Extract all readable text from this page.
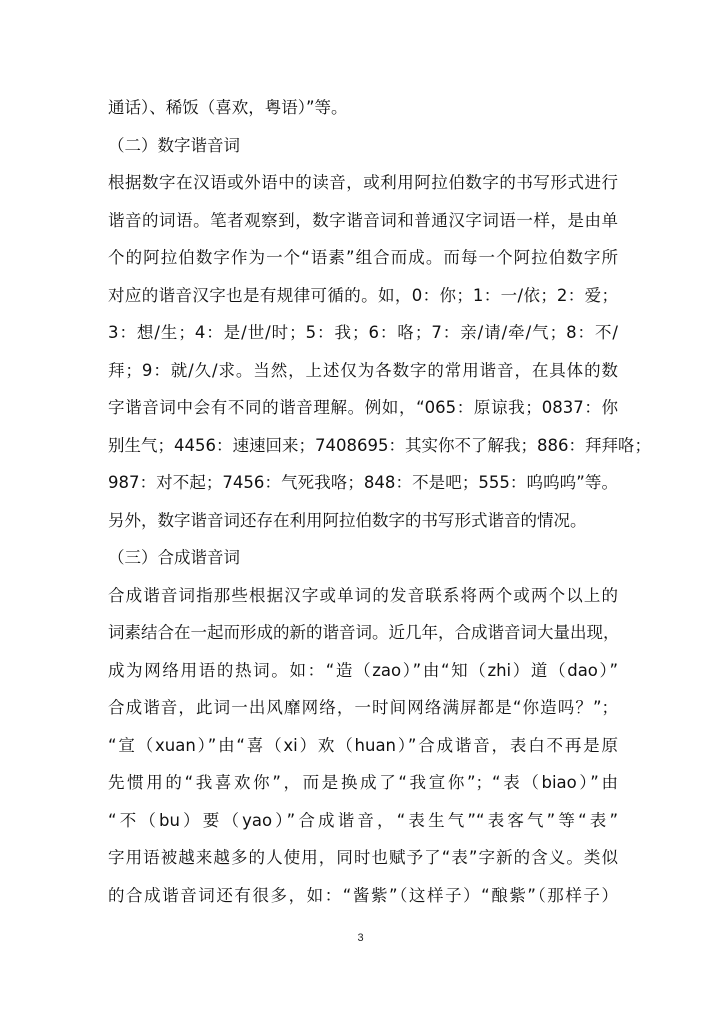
通话）、稀饭（喜欢，粤语）”等。
（二）数字谐音词
根据数字在汉语或外语中的读音，或利用阿拉伯数字的书写形式进行
谐音的词语。笔者观察到，数字谐音词和普通汉字词语一样，是由单
个的阿拉伯数字作为一个“语素”组合而成。而每一个阿拉伯数字所
对应的谐音汉字也是有规律可循的。如，0：你；1：一/依；2：爱；
3：想/生；4：是/世/时；5：我；6：咯；7：亲/请/牵/气；8：不/
拜；9：就/久/求。当然，上述仅为各数字的常用谐音，在具体的数
字谐音词中会有不同的谐音理解。例如，“065：原谅我；0837：你
别生气；4456：速速回来；7408695：其实你不了解我；886：拜拜咯；
987：对不起；7456：气死我咯；848：不是吧；555：呜呜呜”等。
另外，数字谐音词还存在利用阿拉伯数字的书写形式谐音的情况。
（三）合成谐音词
合成谐音词指那些根据汉字或单词的发音联系将两个或两个以上的
词素结合在一起而形成的新的谐音词。近几年，合成谐音词大量出现，
成为网络用语的热词。如：“造（zao）”由“知（zhi）道（dao）”
合成谐音，此词一出风靡网络，一时间网络满屏都是“你造吗？”；
“宣（xuan）”由“喜（xi）欢（huan）”合成谐音，表白不再是原
先惯用的“我喜欢你”，而是换成了“我宣你”；“表（biao）”由
“不（bu）要（yao）”合成谐音，“表生气”“表客气”等“表”
字用语被越来越多的人使用，同时也赋予了“表”字新的含义。类似
的合成谐音词还有很多，如：“酱紫”（这样子）“酿紫”（那样子）
3
